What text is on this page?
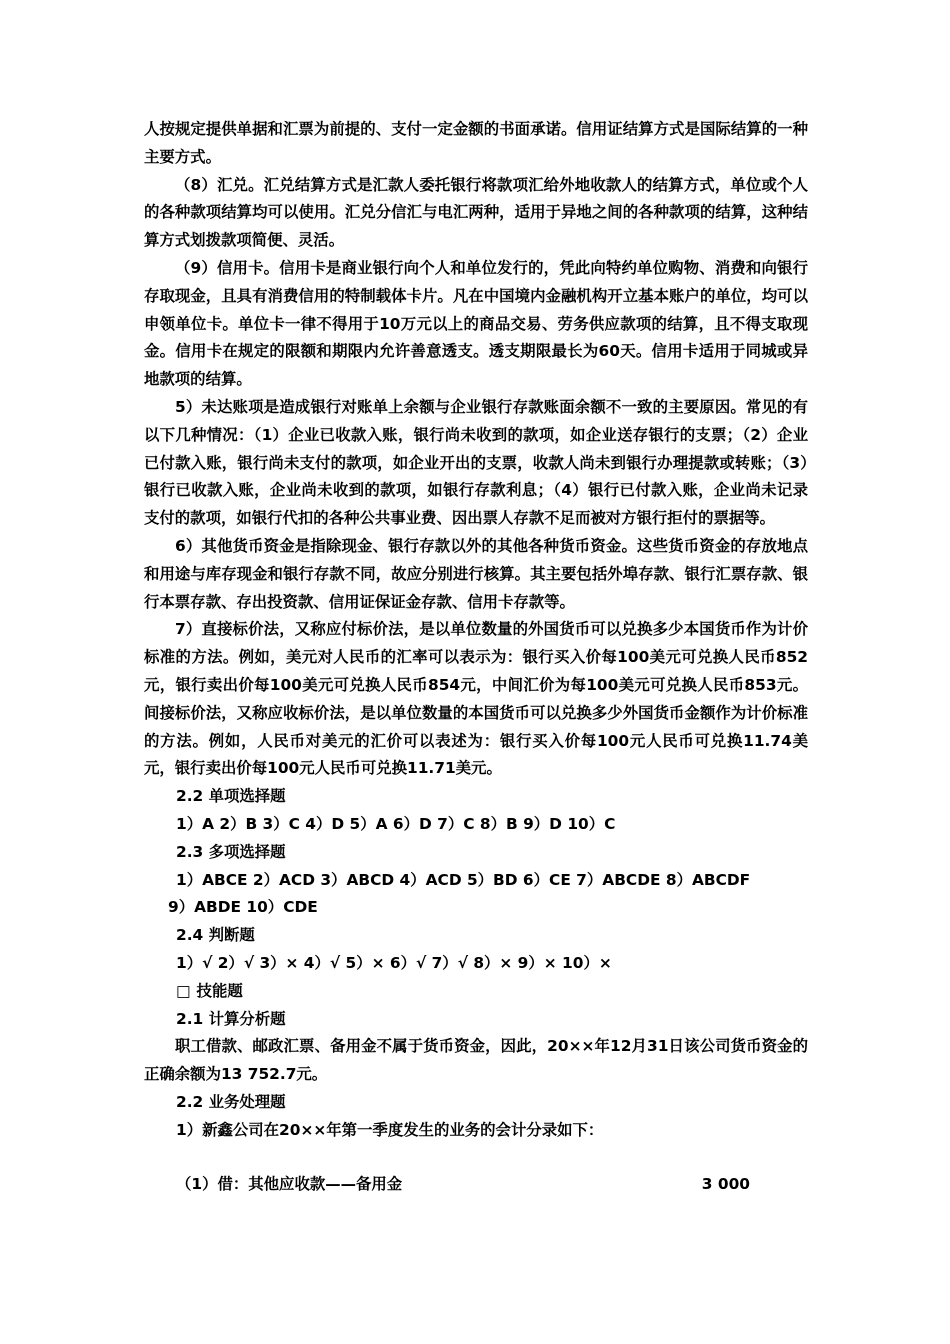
人按规定提供单据和汇票为前提的、支付一定金额的书面承诺。信用证结算方式是国际结算的一种主要方式。

（8）汇兑。汇兑结算方式是汇款人委托银行将款项汇给外地收款人的结算方式，单位或个人的各种款项结算均可以使用。汇兑分信汇与电汇两种，适用于异地之间的各种款项的结算，这种结算方式划拨款项简便、灵活。

（9）信用卡。信用卡是商业银行向个人和单位发行的，凭此向特约单位购物、消费和向银行存取现金，且具有消费信用的特制载体卡片。凡在中国境内金融机构开立基本账户的单位，均可以申领单位卡。单位卡一律不得用于10万元以上的商品交易、劳务供应款项的结算，且不得支取现金。信用卡在规定的限额和期限内允许善意透支。透支期限最长为60天。信用卡适用于同城或异地款项的结算。

5）未达账项是造成银行对账单上余额与企业银行存款账面余额不一致的主要原因。常见的有以下几种情况：（1）企业已收款入账，银行尚未收到的款项，如企业送存银行的支票；（2）企业已付款入账，银行尚未支付的款项，如企业开出的支票，收款人尚未到银行办理提款或转账；（3）银行已收款入账，企业尚未收到的款项，如银行存款利息；（4）银行已付款入账，企业尚未记录支付的款项，如银行代扣的各种公共事业费、因出票人存款不足而被对方银行拒付的票据等。

6）其他货币资金是指除现金、银行存款以外的其他各种货币资金。这些货币资金的存放地点和用途与库存现金和银行存款不同，故应分别进行核算。其主要包括外埠存款、银行汇票存款、银行本票存款、存出投资款、信用证保证金存款、信用卡存款等。

7）直接标价法，又称应付标价法，是以单位数量的外国货币可以兑换多少本国货币作为计价标准的方法。例如，美元对人民币的汇率可以表示为：银行买入价每100美元可兑换人民币852元，银行卖出价每100美元可兑换人民币854元，中间汇价为每100美元可兑换人民币853元。间接标价法，又称应收标价法，是以单位数量的本国货币可以兑换多少外国货币金额作为计价标准的方法。例如，人民币对美元的汇价可以表述为：银行买入价每100元人民币可兑换11.74美元，银行卖出价每100元人民币可兑换11.71美元。

2.2 单项选择题

1）A 2）B 3）C 4）D 5）A 6）D 7）C 8）B 9）D 10）C

2.3 多项选择题

1）ABCE 2）ACD 3）ABCD 4）ACD 5）BD 6）CE 7）ABCDE 8）ABCDF

9）ABDE 10）CDE

2.4 判断题

1）√ 2）√ 3）× 4）√ 5）× 6）√ 7）√ 8）× 9）× 10）×

□ 技能题

2.1 计算分析题

职工借款、邮政汇票、备用金不属于货币资金，因此，20××年12月31日该公司货币资金的正确余额为13 752.7元。

2.2 业务处理题

1）新鑫公司在20××年第一季度发生的业务的会计分录如下：

（1）借：其他应收款——备用金	3 000
